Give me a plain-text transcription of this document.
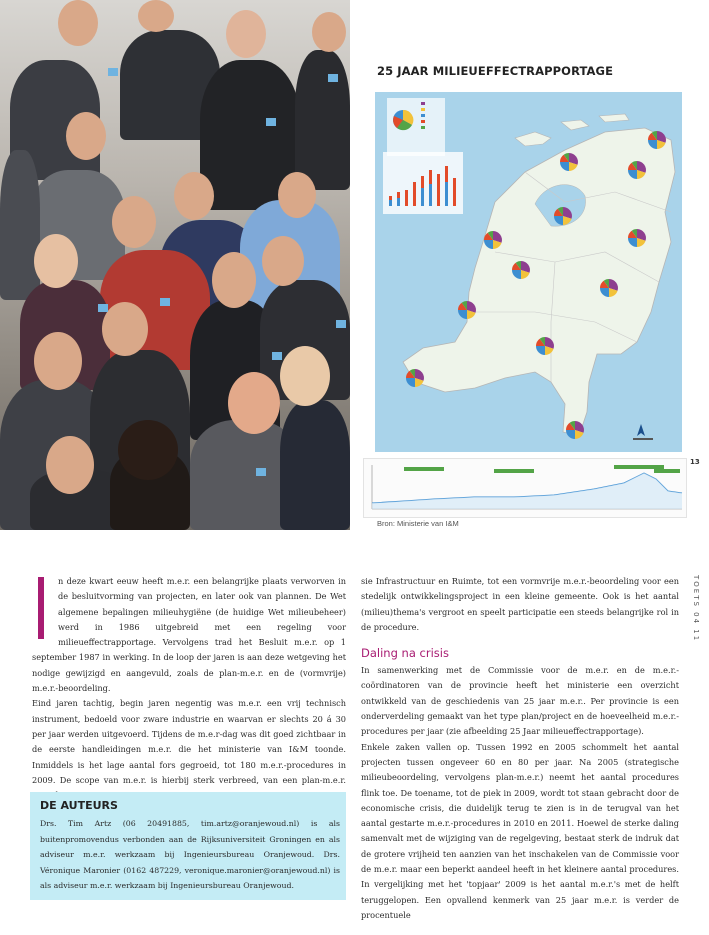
25 JAAR MILIEUEFFECTRAPPORTAGE
Bron: Ministerie van I&M
13
TOETS 04 11

n deze kwart eeuw heeft m.e.r. een belangrijke plaats verworven in de besluitvorming van projecten, en later ook van plannen. De Wet algemene bepalingen milieuhygiëne (de huidige Wet milieubeheer) werd in 1986 uitgebreid met een regeling voor milieueffectrapportage. Vervolgens trad het Besluit m.e.r. op 1 september 1987 in werking. In de loop der jaren is aan deze wetgeving het nodige gewijzigd en aangevuld, zoals de plan-m.e.r. en de (vormvrije) m.e.r.-beoordeling.

Eind jaren tachtig, begin jaren negentig was m.e.r. een vrij technisch instrument, bedoeld voor zware industrie en waarvan er slechts 20 á 30 per jaar werden uitgevoerd. Tijdens de m.e.r-dag was dit goed zichtbaar in de eerste handleidingen m.e.r. die het ministerie van I&M toonde. Inmiddels is het lage aantal fors gegroeid, tot 180 m.e.r.-procedures in 2009. De scope van m.e.r. is hierbij sterk verbreed, van een plan-m.e.r.

DE AUTEURS
Drs. Tim Artz (06 20491885, tim.artz@oranjewoud.nl) is als buitenpromovendus verbonden aan de Rijksuniversiteit Groningen en als adviseur m.e.r. werkzaam bij Ingenieursbureau Oranjewoud. Drs. Véronique Maronier (0162 487229, veronique.maronier@oranjewoud.nl) is als adviseur m.e.r. werkzaam bij Ingenieursbureau Oranjewoud.

sie Infrastructuur en Ruimte, tot een vormvrije m.e.r.-beoordeling voor een stedelijk ontwikkelingsproject in een kleine gemeente. Ook is het aantal (milieu)thema's vergroot en speelt participatie een steeds belangrijke rol in de procedure.

Daling na crisis

In samenwerking met de Commissie voor de m.e.r. en de m.e.r.-coördinatoren van de provincie heeft het ministerie een overzicht ontwikkeld van de geschiedenis van 25 jaar m.e.r.. Per provincie is een onderverdeling gemaakt van het type plan/project en de hoeveelheid m.e.r.-procedures per jaar (zie afbeelding 25 Jaar milieueffectrapportage).

Enkele zaken vallen op. Tussen 1992 en 2005 schommelt het aantal projecten tussen ongeveer 60 en 80 per jaar. Na 2005 (strategische milieubeoordeling, vervolgens plan-m.e.r.) neemt het aantal procedures flink toe. De toename, tot de piek in 2009, wordt tot staan gebracht door de economische crisis, die duidelijk terug te zien is in de terugval van het aantal gestarte m.e.r.-procedures in 2010 en 2011. Hoewel de sterke daling samenvalt met de wijziging van de regelgeving, bestaat sterk de indruk dat de grotere vrijheid ten aanzien van het inschakelen van de Commissie voor de m.e.r. maar een beperkt aandeel heeft in het kleinere aantal procedures. In vergelijking met het 'topjaar' 2009 is het aantal m.e.r.'s met de helft teruggelopen. Een opvallend kenmerk van 25 jaar m.e.r. is verder de procentuele
